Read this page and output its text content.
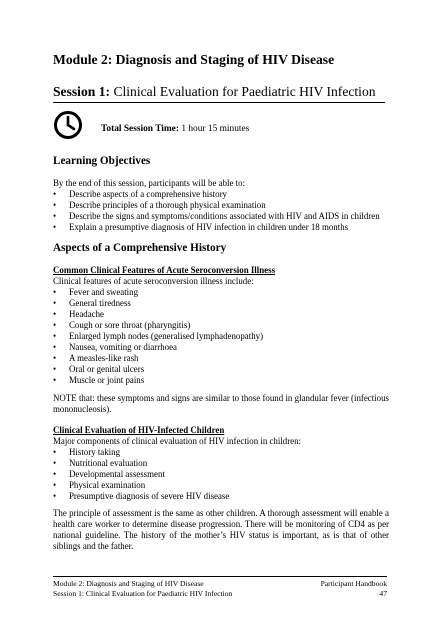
Module 2: Diagnosis and Staging of HIV Disease
Session 1: Clinical Evaluation for Paediatric HIV Infection
Total Session Time: 1 hour 15 minutes
Learning Objectives
By the end of this session, participants will be able to:
• Describe aspects of a comprehensive history
• Describe principles of a thorough physical examination
• Describe the signs and symptoms/conditions associated with HIV and AIDS in children
• Explain a presumptive diagnosis of HIV infection in children under 18 months
Aspects of a Comprehensive History
Common Clinical Features of Acute Seroconversion Illness
Clinical features of acute seroconversion illness include:
• Fever and sweating
• General tiredness
• Headache
• Cough or sore throat (pharyngitis)
• Enlarged lymph nodes (generalised lymphadenopathy)
• Nausea, vomiting or diarrhoea
• A measles-like rash
• Oral or genital ulcers
• Muscle or joint pains
NOTE that: these symptoms and signs are similar to those found in glandular fever (infectious mononucleosis).
Clinical Evaluation of HIV-Infected Children
Major components of clinical evaluation of HIV infection in children:
• History taking
• Nutritional evaluation
• Developmental assessment
• Physical examination
• Presumptive diagnosis of severe HIV disease
The principle of assessment is the same as other children. A thorough assessment will enable a health care worker to determine disease progression. There will be monitoring of CD4 as per national guideline. The history of the mother’s HIV status is important, as is that of other siblings and the father.
Module 2: Diagnosis and Staging of HIV Disease	Participant Handbook
Session 1: Clinical Evaluation for Paediatric HIV Infection	47
